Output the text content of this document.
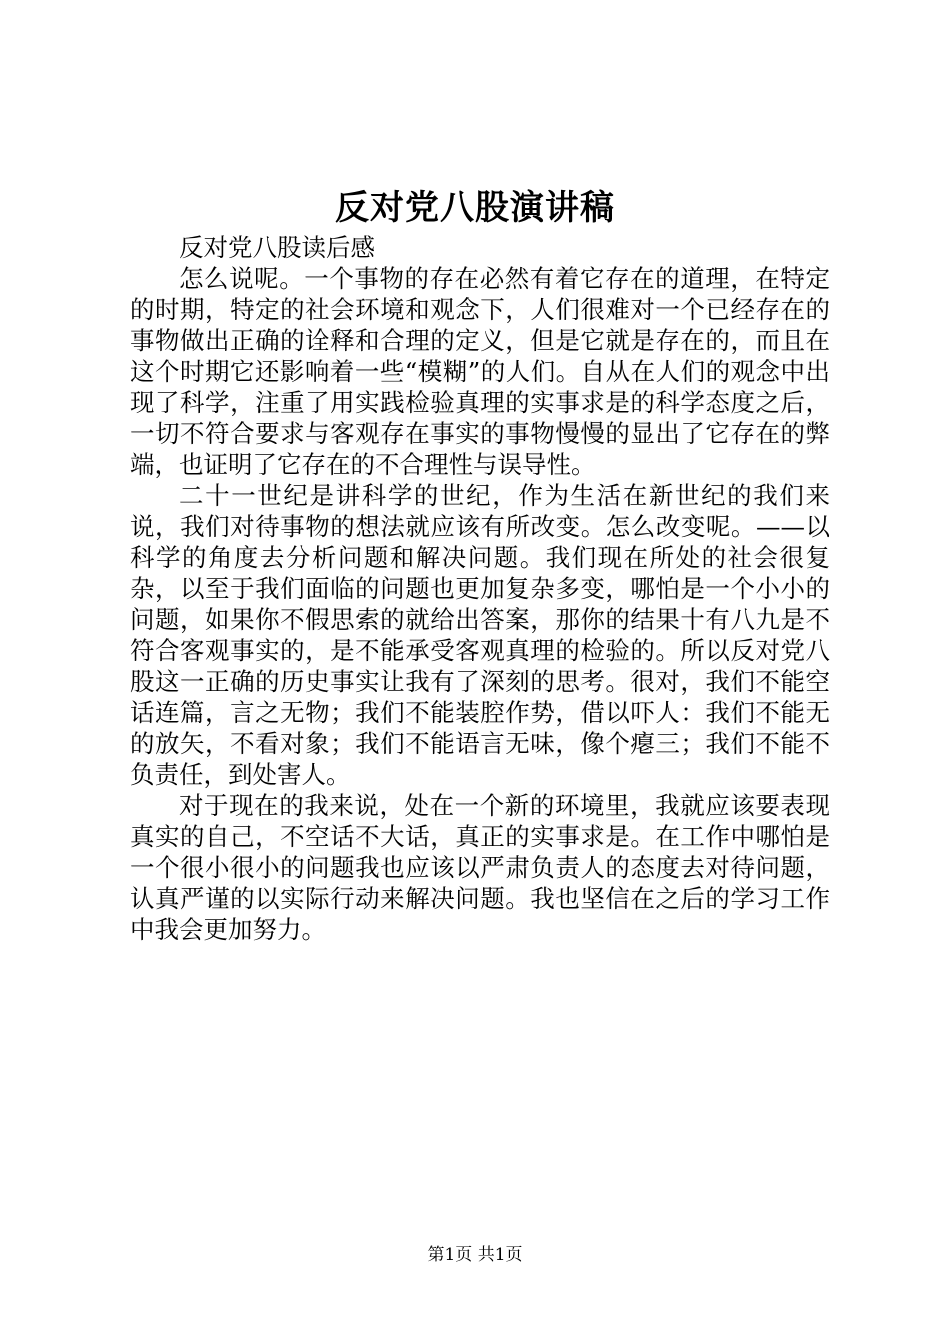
反对党八股演讲稿

反对党八股读后感

怎么说呢。一个事物的存在必然有着它存在的道理，在特定的时期，特定的社会环境和观念下，人们很难对一个已经存在的事物做出正确的诠释和合理的定义，但是它就是存在的，而且在这个时期它还影响着一些“模糊”的人们。自从在人们的观念中出现了科学，注重了用实践检验真理的实事求是的科学态度之后，一切不符合要求与客观存在事实的事物慢慢的显出了它存在的弊端，也证明了它存在的不合理性与误导性。

二十一世纪是讲科学的世纪，作为生活在新世纪的我们来说，我们对待事物的想法就应该有所改变。怎么改变呢。——以科学的角度去分析问题和解决问题。我们现在所处的社会很复杂，以至于我们面临的问题也更加复杂多变，哪怕是一个小小的问题，如果你不假思索的就给出答案，那你的结果十有八九是不符合客观事实的，是不能承受客观真理的检验的。所以反对党八股这一正确的历史事实让我有了深刻的思考。很对，我们不能空话连篇，言之无物；我们不能装腔作势，借以吓人：我们不能无的放矢，不看对象；我们不能语言无味，像个瘪三；我们不能不负责任，到处害人。

对于现在的我来说，处在一个新的环境里，我就应该要表现真实的自己，不空话不大话，真正的实事求是。在工作中哪怕是一个很小很小的问题我也应该以严肃负责人的态度去对待问题，认真严谨的以实际行动来解决问题。我也坚信在之后的学习工作中我会更加努力。

第1页 共1页
